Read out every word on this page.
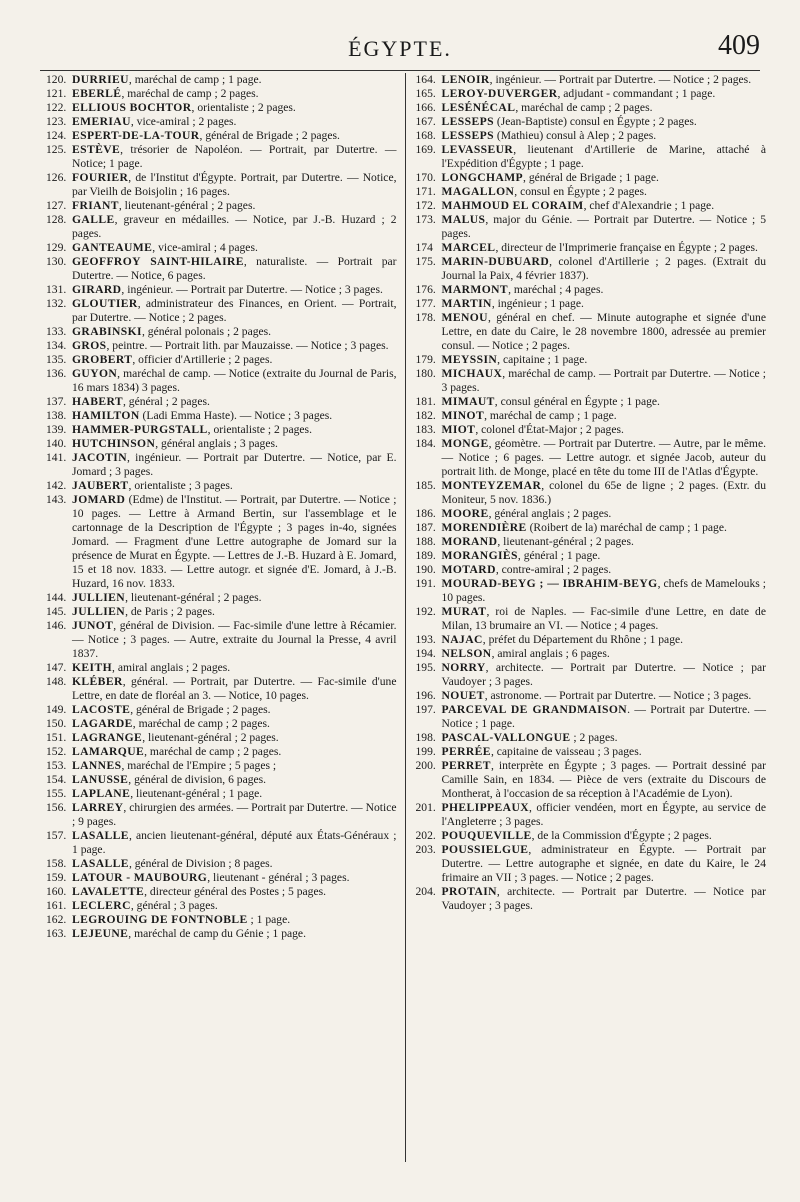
ÉGYPTE.	409
120. DURRIEU, maréchal de camp ; 1 page.
121. EBERLÉ, maréchal de camp ; 2 pages.
122. ELLIOUS BOCHTOR, orientaliste ; 2 pages.
123. EMERIAU, vice-amiral ; 2 pages.
124. ESPERT-DE-LA-TOUR, général de Brigade ; 2 pages.
125. ESTÈVE, trésorier de Napoléon. — Portrait, par Dutertre. — Notice; 1 page.
126. FOURIER, de l'Institut d'Égypte. Portrait, par Dutertre. — Notice, par Vieilh de Boisjolin ; 16 pages.
127. FRIANT, lieutenant-général ; 2 pages.
128. GALLE, graveur en médailles. — Notice, par J.-B. Huzard ; 2 pages.
129. GANTEAUME, vice-amiral ; 4 pages.
130. GEOFFROY SAINT-HILAIRE, naturaliste. — Portrait par Dutertre. — Notice, 6 pages.
131. GIRARD, ingénieur. — Portrait par Dutertre. — Notice ; 3 pages.
132. GLOUTIER, administrateur des Finances, en Orient. — Portrait, par Dutertre. — Notice ; 2 pages.
133. GRABINSKI, général polonais ; 2 pages.
134. GROS, peintre. — Portrait lith. par Mauzaisse. — Notice ; 3 pages.
135. GROBERT, officier d'Artillerie ; 2 pages.
136. GUYON, maréchal de camp. — Notice (extraite du Journal de Paris, 16 mars 1834) 3 pages.
137. HABERT, général ; 2 pages.
138. HAMILTON (Ladi Emma Haste). — Notice ; 3 pages.
139. HAMMER-PURGSTALL, orientaliste ; 2 pages.
140. HUTCHINSON, général anglais ; 3 pages.
141. JACOTIN, ingénieur. — Portrait par Dutertre. — Notice, par E. Jomard ; 3 pages.
142. JAUBERT, orientaliste ; 3 pages.
143. JOMARD (Edme) de l'Institut. — Portrait, par Dutertre. — Notice ; 10 pages. — Lettre à Armand Bertin, sur l'assemblage et le cartonnage de la Description de l'Égypte ; 3 pages in-4o, signées Jomard. — Fragment d'une Lettre autographe de Jomard sur la présence de Murat en Égypte. — Lettres de J.-B. Huzard à E. Jomard, 15 et 18 nov. 1833. — Lettre autogr. et signée d'E. Jomard, à J.-B. Huzard, 16 nov. 1833.
144. JULLIEN, lieutenant-général ; 2 pages.
145. JULLIEN, de Paris ; 2 pages.
146. JUNOT, général de Division. — Fac-simile d'une lettre à Récamier. — Notice ; 3 pages. — Autre, extraite du Journal la Presse, 4 avril 1837.
147. KEITH, amiral anglais ; 2 pages.
148. KLÉBER, général. — Portrait, par Dutertre. — Fac-simile d'une Lettre, en date de floréal an 3. — Notice, 10 pages.
149. LACOSTE, général de Brigade ; 2 pages.
150. LAGARDE, maréchal de camp ; 2 pages.
151. LAGRANGE, lieutenant-général ; 2 pages.
152. LAMARQUE, maréchal de camp ; 2 pages.
153. LANNES, maréchal de l'Empire ; 5 pages ;
154. LANUSSE, général de division, 6 pages.
155. LAPLANE, lieutenant-général ; 1 page.
156. LARREY, chirurgien des armées. — Portrait par Dutertre. — Notice ; 9 pages.
157. LASALLE, ancien lieutenant-général, député aux États-Généraux ; 1 page.
158. LASALLE, général de Division ; 8 pages.
159. LATOUR - MAUBOURG, lieutenant - général ; 3 pages.
160. LAVALETTE, directeur général des Postes ; 5 pages.
161. LECLERC, général ; 3 pages.
162. LEGROUING DE FONTNOBLE ; 1 page.
163. LEJEUNE, maréchal de camp du Génie ; 1 page.
164. LENOIR, ingénieur. — Portrait par Dutertre. — Notice ; 2 pages.
165. LEROY-DUVERGER, adjudant - commandant ; 1 page.
166. LESÉNÉCAL, maréchal de camp ; 2 pages.
167. LESSEPS (Jean-Baptiste) consul en Égypte ; 2 pages.
168. LESSEPS (Mathieu) consul à Alep ; 2 pages.
169. LEVASSEUR, lieutenant d'Artillerie de Marine, attaché à l'Expédition d'Égypte ; 1 page.
170. LONGCHAMP, général de Brigade ; 1 page.
171. MAGALLON, consul en Égypte ; 2 pages.
172. MAHMOUD EL CORAIM, chef d'Alexandrie ; 1 page.
173. MALUS, major du Génie. — Portrait par Dutertre. — Notice ; 5 pages.
174 MARCEL, directeur de l'Imprimerie française en Égypte ; 2 pages.
175. MARIN-DUBUARD, colonel d'Artillerie ; 2 pages. (Extrait du Journal la Paix, 4 février 1837).
176. MARMONT, maréchal ; 4 pages.
177. MARTIN, ingénieur ; 1 page.
178. MENOU, général en chef. — Minute autographe et signée d'une Lettre, en date du Caire, le 28 novembre 1800, adressée au premier consul. — Notice ; 2 pages.
179. MEYSSIN, capitaine ; 1 page.
180. MICHAUX, maréchal de camp. — Portrait par Dutertre. — Notice ; 3 pages.
181. MIMAUT, consul général en Égypte ; 1 page.
182. MINOT, maréchal de camp ; 1 page.
183. MIOT, colonel d'État-Major ; 2 pages.
184. MONGE, géomètre. — Portrait par Dutertre. — Autre, par le même. — Notice ; 6 pages. — Lettre autogr. et signée Jacob, auteur du portrait lith. de Monge, placé en tête du tome III de l'Atlas d'Égypte.
185. MONTEYZEMAR, colonel du 65e de ligne ; 2 pages. (Extr. du Moniteur, 5 nov. 1836.)
186. MOORE, général anglais ; 2 pages.
187. MORENDIÈRE (Roibert de la) maréchal de camp ; 1 page.
188. MORAND, lieutenant-général ; 2 pages.
189. MORANGIÈS, général ; 1 page.
190. MOTARD, contre-amiral ; 2 pages.
191. MOURAD-BEYG ; — IBRAHIM-BEYG, chefs de Mamelouks ; 10 pages.
192. MURAT, roi de Naples. — Fac-simile d'une Lettre, en date de Milan, 13 brumaire an VI. — Notice ; 4 pages.
193. NAJAC, préfet du Département du Rhône ; 1 page.
194. NELSON, amiral anglais ; 6 pages.
195. NORRY, architecte. — Portrait par Dutertre. — Notice ; par Vaudoyer ; 3 pages.
196. NOUET, astronome. — Portrait par Dutertre. — Notice ; 3 pages.
197. PARCEVAL DE GRANDMAISON. — Portrait par Dutertre. — Notice ; 1 page.
198. PASCAL-VALLONGUE ; 2 pages.
199. PERRÉE, capitaine de vaisseau ; 3 pages.
200. PERRET, interprète en Égypte ; 3 pages. — Portrait dessiné par Camille Sain, en 1834. — Pièce de vers (extraite du Discours de Montherat, à l'occasion de sa réception à l'Académie de Lyon).
201. PHELIPPEAUX, officier vendéen, mort en Égypte, au service de l'Angleterre ; 3 pages.
202. POUQUEVILLE, de la Commission d'Égypte ; 2 pages.
203. POUSSIELGUE, administrateur en Égypte. — Portrait par Dutertre. — Lettre autographe et signée, en date du Kaire, le 24 frimaire an VII ; 3 pages. — Notice ; 2 pages.
204. PROTAIN, architecte. — Portrait par Dutertre. — Notice par Vaudoyer ; 3 pages.
